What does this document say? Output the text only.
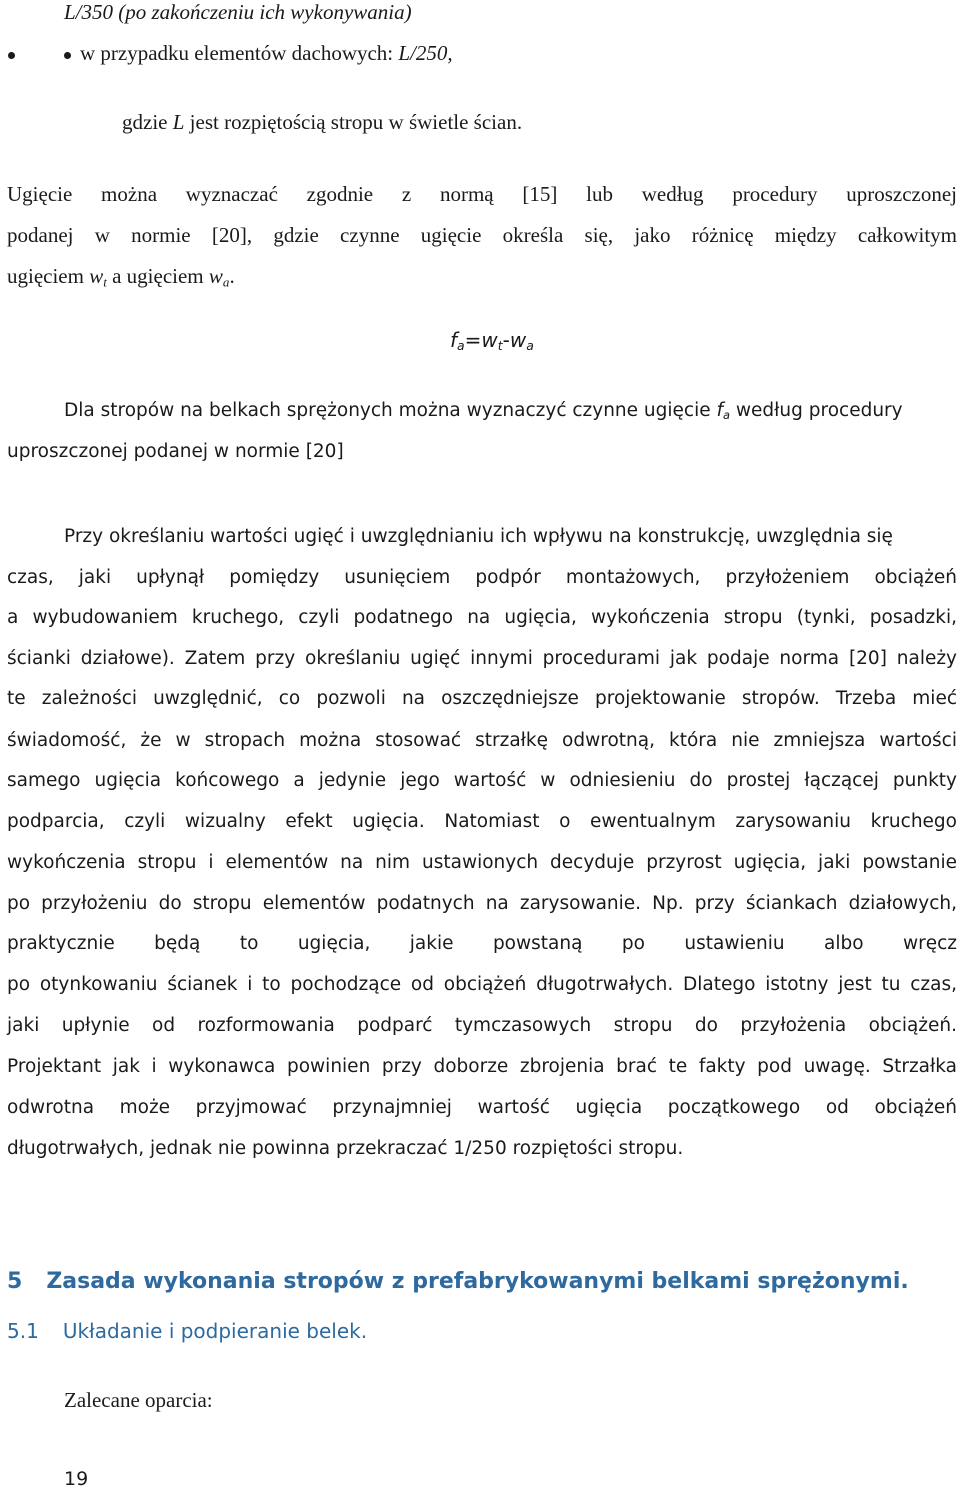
L/350 (po zakończeniu ich wykonywania)

w przypadku elementów dachowych: L/250,

gdzie L jest rozpiętością stropu w świetle ścian.

Ugięcie można wyznaczać zgodnie z normą [15] lub według procedury uproszczonej

podanej w normie [20], gdzie czynne ugięcie określa się, jako różnicę między całkowitym

ugięciem $w_t$ a ugięciem $w_a$.

$f_a=w_t-w_a$

Dla stropów na belkach sprężonych można wyznaczyć czynne ugięcie $f_a$ według procedury

uproszczonej podanej w normie [20]

Przy określaniu wartości ugięć i uwzględnianiu ich wpływu na konstrukcję, uwzględnia się

czas, jaki upłynął pomiędzy usunięciem podpór montażowych, przyłożeniem obciążeń

a wybudowaniem kruchego, czyli podatnego na ugięcia, wykończenia stropu (tynki, posadzki,

ścianki działowe). Zatem przy określaniu ugięć innymi procedurami jak podaje norma [20] należy

te zależności uwzględnić, co pozwoli na oszczędniejsze projektowanie stropów. Trzeba mieć

świadomość, że w stropach można stosować strzałkę odwrotną, która nie zmniejsza wartości

samego ugięcia końcowego a jedynie jego wartość w odniesieniu do prostej łączącej punkty

podparcia, czyli wizualny efekt ugięcia. Natomiast o ewentualnym zarysowaniu kruchego

wykończenia stropu i elementów na nim ustawionych decyduje przyrost ugięcia, jaki powstanie

po przyłożeniu do stropu elementów podatnych na zarysowanie. Np. przy ściankach działowych,

praktycznie będą to ugięcia, jakie powstaną po ustawieniu albo wręcz

po otynkowaniu ścianek i to pochodzące od obciążeń długotrwałych. Dlatego istotny jest tu czas,

jaki upłynie od rozformowania podparć tymczasowych stropu do przyłożenia obciążeń.

Projektant jak i wykonawca powinien przy doborze zbrojenia brać te fakty pod uwagę. Strzałka

odwrotna może przyjmować przynajmniej wartość ugięcia początkowego od obciążeń

długotrwałych, jednak nie powinna przekraczać 1/250 rozpiętości stropu.

5 Zasada wykonania stropów z prefabrykowanymi belkami sprężonymi.

5.1 Układanie i podpieranie belek.

Zalecane oparcia:

19
